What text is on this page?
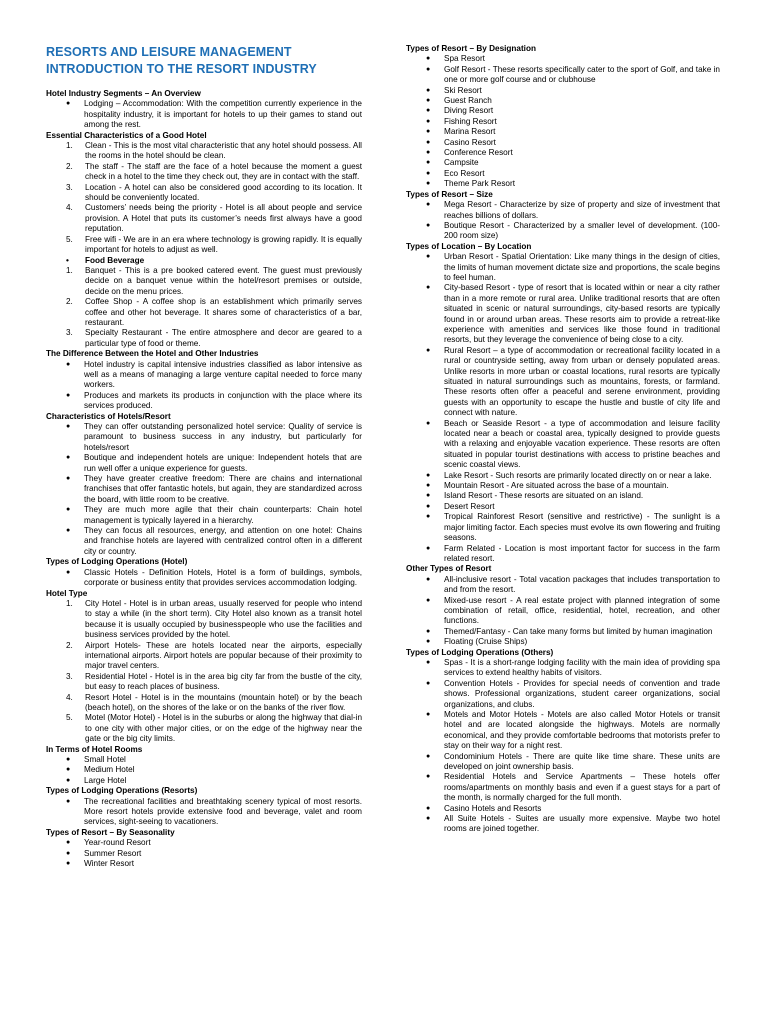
RESORTS AND LEISURE MANAGEMENT
INTRODUCTION TO THE RESORT INDUSTRY
Hotel Industry Segments – An Overview
● Lodging – Accommodation: With the competition currently experience in the hospitality industry, it is important for hotels to up their games to stand out among the rest.
Essential Characteristics of a Good Hotel
1. Clean - This is the most vital characteristic that any hotel should possess. All the rooms in the hotel should be clean.
2. The staff - The staff are the face of a hotel because the moment a guest check in a hotel to the time they check out, they are in contact with the staff.
3. Location - A hotel can also be considered good according to its location. It should be conveniently located.
4. Customers’ needs being the priority - Hotel is all about people and service provision. A Hotel that puts its customer’s needs first always have a good reputation.
5. Free wifi - We are in an era where technology is growing rapidly. It is equally important for hotels to adjust as well.
• Food Beverage
1. Banquet - This is a pre booked catered event. The guest must previously decide on a banquet venue within the hotel/resort premises or outside, decide on the menu prices.
2. Coffee Shop - A coffee shop is an establishment which primarily serves coffee and other hot beverage. It shares some of characteristics of a bar, restaurant.
3. Specialty Restaurant - The entire atmosphere and decor are geared to a particular type of food or theme.
The Difference Between the Hotel and Other Industries
● Hotel industry is capital intensive industries classified as labor intensive as well as a means of managing a large venture capital needed to force many workers.
● Produces and markets its products in conjunction with the place where its services produced.
Characteristics of Hotels/Resort
● They can offer outstanding personalized hotel service: Quality of service is paramount to business success in any industry, but particularly for hotels/resort
● Boutique and independent hotels are unique: Independent hotels that are run well offer a unique experience for guests.
● They have greater creative freedom: There are chains and international franchises that offer fantastic hotels, but again, they are standardized across the board, with little room to be creative.
● They are much more agile that their chain counterparts: Chain hotel management is typically layered in a hierarchy.
● They can focus all resources, energy, and attention on one hotel: Chains and franchise hotels are layered with centralized control often in a different city or country.
Types of Lodging Operations (Hotel)
● Classic Hotels - Definition Hotels, Hotel is a form of buildings, symbols, corporate or business entity that provides services accommodation lodging.
Hotel Type
1. City Hotel - Hotel is in urban areas, usually reserved for people who intend to stay a while (in the short term). City Hotel also known as a transit hotel because it is usually occupied by businesspeople who use the facilities and business services provided by the hotel.
2. Airport Hotels- These are hotels located near the airports, especially international airports. Airport hotels are popular because of their proximity to major travel centers.
3. Residential Hotel - Hotel is in the area big city far from the bustle of the city, but easy to reach places of business.
4. Resort Hotel - Hotel is in the mountains (mountain hotel) or by the beach (beach hotel), on the shores of the lake or on the banks of the river flow.
5. Motel (Motor Hotel) - Hotel is in the suburbs or along the highway that dial-in to one city with other major cities, or on the edge of the highway near the gate or the big city limits.
In Terms of Hotel Rooms
● Small Hotel
● Medium Hotel
● Large Hotel
Types of Lodging Operations (Resorts)
● The recreational facilities and breathtaking scenery typical of most resorts. More resort hotels provide extensive food and beverage, valet and room services, sight-seeing to vacationers.
Types of Resort – By Seasonality
● Year-round Resort
● Summer Resort
● Winter Resort
Types of Resort – By Designation
● Spa Resort
● Golf Resort - These resorts specifically cater to the sport of Golf, and take in one or more golf course and or clubhouse
● Ski Resort
● Guest Ranch
● Diving Resort
● Fishing Resort
● Marina Resort
● Casino Resort
● Conference Resort
● Campsite
● Eco Resort
● Theme Park Resort
Types of Resort – Size
● Mega Resort - Characterize by size of property and size of investment that reaches billions of dollars.
● Boutique Resort - Characterized by a smaller level of development. (100-200 room size)
Types of Location – By Location
● Urban Resort - Spatial Orientation: Like many things in the design of cities, the limits of human movement dictate size and proportions, the scale begins to feel human.
● City-based Resort - type of resort that is located within or near a city rather than in a more remote or rural area. Unlike traditional resorts that are often situated in scenic or natural surroundings, city-based resorts are typically found in or around urban areas. These resorts aim to provide a retreat-like experience with amenities and services like those found in traditional resorts, but they leverage the convenience of being close to a city.
● Rural Resort – a type of accommodation or recreational facility located in a rural or countryside setting, away from urban or densely populated areas. Unlike resorts in more urban or coastal locations, rural resorts are typically situated in natural surroundings such as mountains, forests, or farmland. These resorts often offer a peaceful and serene environment, providing guests with an opportunity to escape the hustle and bustle of city life and connect with nature.
● Beach or Seaside Resort - a type of accommodation and leisure facility located near a beach or coastal area, typically designed to provide guests with a relaxing and enjoyable vacation experience. These resorts are often situated in popular tourist destinations with access to pristine beaches and scenic coastal views.
● Lake Resort - Such resorts are primarily located directly on or near a lake.
● Mountain Resort - Are situated across the base of a mountain.
● Island Resort - These resorts are situated on an island.
● Desert Resort
● Tropical Rainforest Resort (sensitive and restrictive) - The sunlight is a major limiting factor. Each species must evolve its own flowering and fruiting seasons.
● Farm Related - Location is most important factor for success in the farm related resort.
Other Types of Resort
● All-inclusive resort - Total vacation packages that includes transportation to and from the resort.
● Mixed-use resort - A real estate project with planned integration of some combination of retail, office, residential, hotel, recreation, and other functions.
● Themed/Fantasy - Can take many forms but limited by human imagination
● Floating (Cruise Ships)
Types of Lodging Operations (Others)
● Spas - It is a short-range lodging facility with the main idea of providing spa services to extend healthy habits of visitors.
● Convention Hotels - Provides for special needs of convention and trade shows. Professional organizations, student career organizations, social organizations, and clubs.
● Motels and Motor Hotels - Motels are also called Motor Hotels or transit hotel and are located alongside the highways. Motels are normally economical, and they provide comfortable bedrooms that motorists prefer to stay on their way for a night rest.
● Condominium Hotels - There are quite like time share. These units are developed on joint ownership basis.
● Residential Hotels and Service Apartments – These hotels offer rooms/apartments on monthly basis and even if a guest stays for a part of the month, is normally charged for the full month.
● Casino Hotels and Resorts
● All Suite Hotels - Suites are usually more expensive. Maybe two hotel rooms are joined together.
